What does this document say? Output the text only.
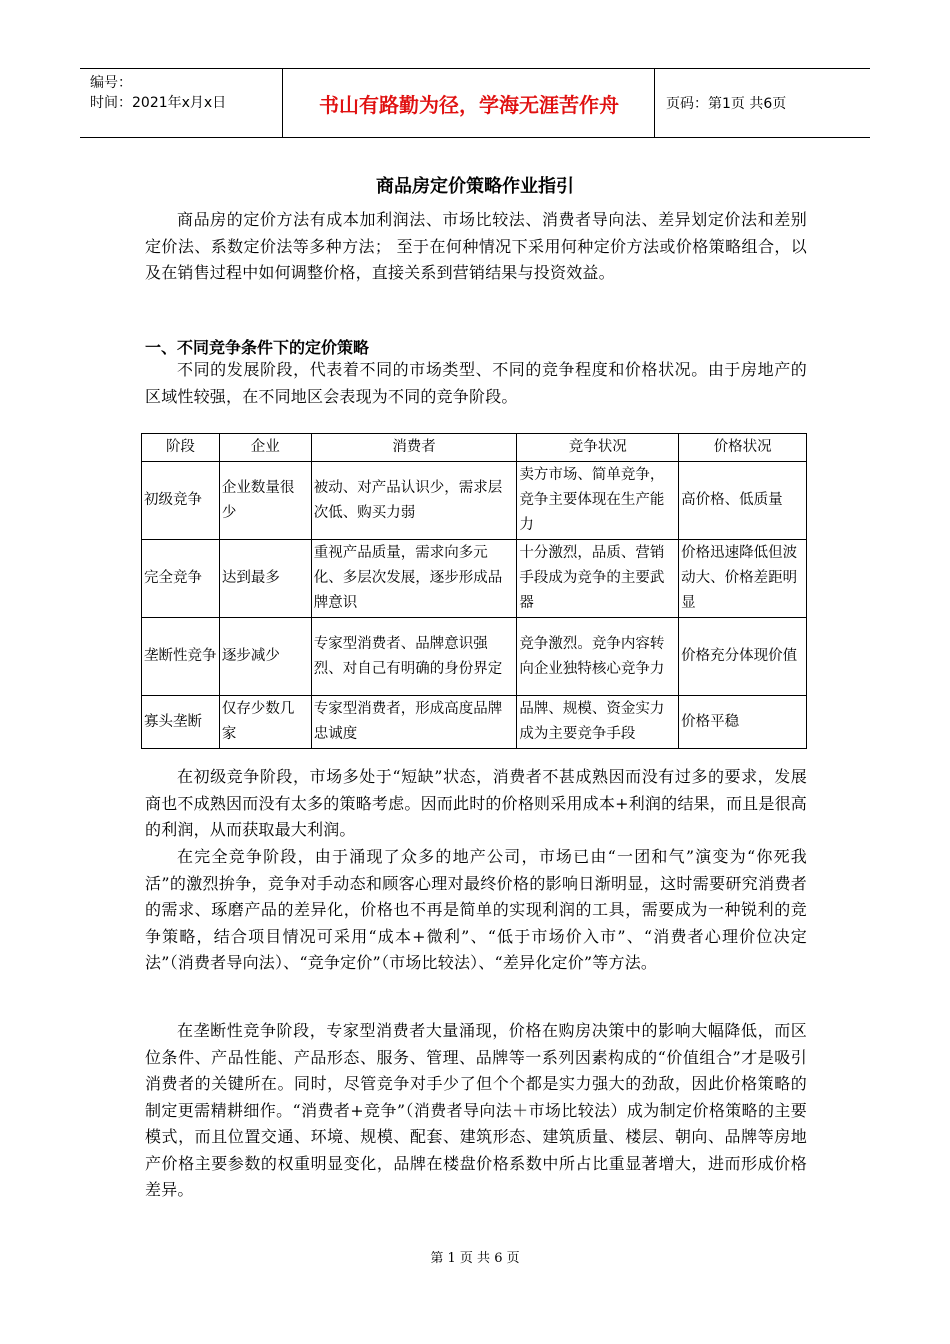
编号：
时间：2021年x月x日	书山有路勤为径，学海无涯苦作舟	页码：第1页 共6页
商品房定价策略作业指引

商品房的定价方法有成本加利润法、市场比较法、消费者导向法、差异划定价法和差别定价法、系数定价法等多种方法； 至于在何种情况下采用何种定价方法或价格策略组合，以及在销售过程中如何调整价格，直接关系到营销结果与投资效益。

一、不同竞争条件下的定价策略

不同的发展阶段，代表着不同的市场类型、不同的竞争程度和价格状况。由于房地产的区域性较强，在不同地区会表现为不同的竞争阶段。

阶段	企业	消费者	竞争状况	价格状况
初级竞争	企业数量很少	被动、对产品认识少，需求层次低、购买力弱	卖方市场、简单竞争，竞争主要体现在生产能力	高价格、低质量
完全竞争	达到最多	重视产品质量，需求向多元化、多层次发展，逐步形成品牌意识	十分激烈，品质、营销手段成为竞争的主要武器	价格迅速降低但波动大、价格差距明显
垄断性竞争	逐步减少	专家型消费者、品牌意识强烈、对自己有明确的身份界定	竞争激烈。竞争内容转向企业独特核心竞争力	价格充分体现价值
寡头垄断	仅存少数几家	专家型消费者，形成高度品牌忠诚度	品牌、规模、资金实力成为主要竞争手段	价格平稳

在初级竞争阶段，市场多处于“短缺”状态，消费者不甚成熟因而没有过多的要求，发展商也不成熟因而没有太多的策略考虑。因而此时的价格则采用成本+利润的结果，而且是很高的利润，从而获取最大利润。

在完全竞争阶段，由于涌现了众多的地产公司，市场已由“一团和气”演变为“你死我活”的激烈拚争，竞争对手动态和顾客心理对最终价格的影响日渐明显，这时需要研究消费者的需求、琢磨产品的差异化，价格也不再是简单的实现利润的工具，需要成为一种锐利的竞争策略，结合项目情况可采用“成本+微利”、“低于市场价入市”、“消费者心理价位决定法”（消费者导向法）、“竞争定价”（市场比较法）、“差异化定价”等方法。

在垄断性竞争阶段，专家型消费者大量涌现，价格在购房决策中的影响大幅降低，而区位条件、产品性能、产品形态、服务、管理、品牌等一系列因素构成的“价值组合”才是吸引消费者的关键所在。同时，尽管竞争对手少了但个个都是实力强大的劲敌，因此价格策略的制定更需精耕细作。“消费者+竞争”（消费者导向法＋市场比较法）成为制定价格策略的主要模式，而且位置交通、环境、规模、配套、建筑形态、建筑质量、楼层、朝向、品牌等房地产价格主要参数的权重明显变化，品牌在楼盘价格系数中所占比重显著增大，进而形成价格差异。

第 1 页 共 6 页
